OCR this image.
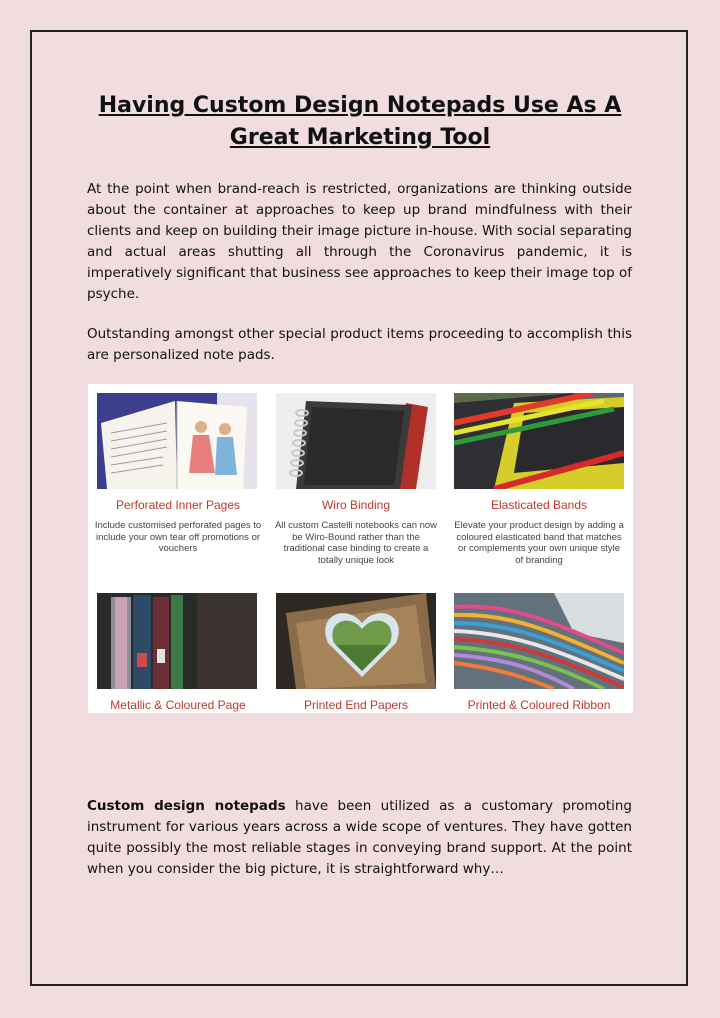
Having Custom Design Notepads Use As A
Great Marketing Tool

At the point when brand-reach is restricted, organizations are thinking outside about the container at approaches to keep up brand mindfulness with their clients and keep on building their image picture in-house. With social separating and actual areas shutting all through the Coronavirus pandemic, it is imperatively significant that business see approaches to keep their image top of psyche.

Outstanding amongst other special product items proceeding to accomplish this are personalized note pads.

Perforated Inner Pages
Include customised perforated pages to include your own tear off promotions or vouchers
Wiro Binding
All custom Castelli notebooks can now be Wiro-Bound rather than the traditional case binding to create a totally unique look
Elasticated Bands
Elevate your product design by adding a coloured elasticated band that matches or complements your own unique style of branding
Metallic & Coloured Page	Printed End Papers	Printed & Coloured Ribbon

Custom design notepads have been utilized as a customary promoting instrument for various years across a wide scope of ventures. They have gotten quite possibly the most reliable stages in conveying brand support. At the point when you consider the big picture, it is straightforward why…
